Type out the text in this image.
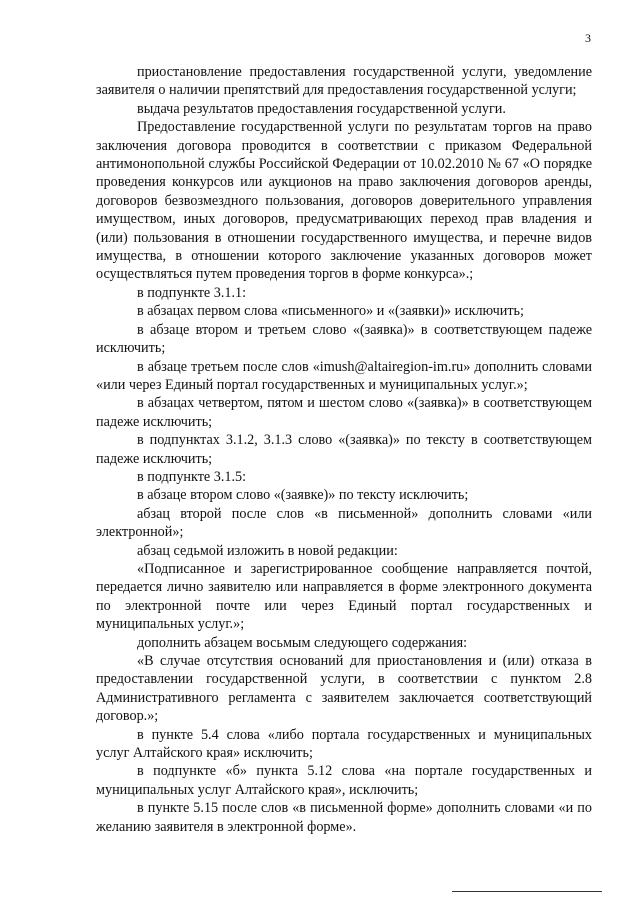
3

приостановление предоставления государственной услуги, уведомление заявителя о наличии препятствий для предоставления государственной услуги;

выдача результатов предоставления государственной услуги.

Предоставление государственной услуги по результатам торгов на право заключения договора проводится в соответствии с приказом Федеральной антимонопольной службы Российской Федерации от 10.02.2010 № 67 «О порядке проведения конкурсов или аукционов на право заключения договоров аренды, договоров безвозмездного пользования, договоров доверительного управления имуществом, иных договоров, предусматривающих переход прав владения и (или) пользования в отношении государственного имущества, и перечне видов имущества, в отношении которого заключение указанных договоров может осуществляться путем проведения торгов в форме конкурса».;

в подпункте 3.1.1:

в абзацах первом слова «письменного» и «(заявки)» исключить;

в абзаце втором и третьем слово «(заявка)» в соответствующем падеже исключить;

в абзаце третьем после слов «imush@altairegion-im.ru» дополнить словами «или через Единый портал государственных и муниципальных услуг.»;

в абзацах четвертом, пятом и шестом слово «(заявка)» в соответствующем падеже исключить;

в подпунктах 3.1.2, 3.1.3 слово «(заявка)» по тексту в соответствующем падеже исключить;

в подпункте 3.1.5:

в абзаце втором слово «(заявке)» по тексту исключить;

абзац второй после слов «в письменной» дополнить словами «или электронной»;

абзац седьмой изложить в новой редакции:

«Подписанное и зарегистрированное сообщение направляется почтой, передается лично заявителю или направляется в форме электронного документа по электронной почте или через Единый портал государственных и муниципальных услуг.»;

дополнить абзацем восьмым следующего содержания:

«В случае отсутствия оснований для приостановления и (или) отказа в предоставлении государственной услуги, в соответствии с пунктом 2.8 Административного регламента с заявителем заключается соответствующий договор.»;

в пункте 5.4 слова «либо портала государственных и муниципальных услуг Алтайского края» исключить;

в подпункте «б» пункта 5.12 слова «на портале государственных и муниципальных услуг Алтайского края», исключить;

в пункте 5.15 после слов «в письменной форме» дополнить словами «и по желанию заявителя в электронной форме».
